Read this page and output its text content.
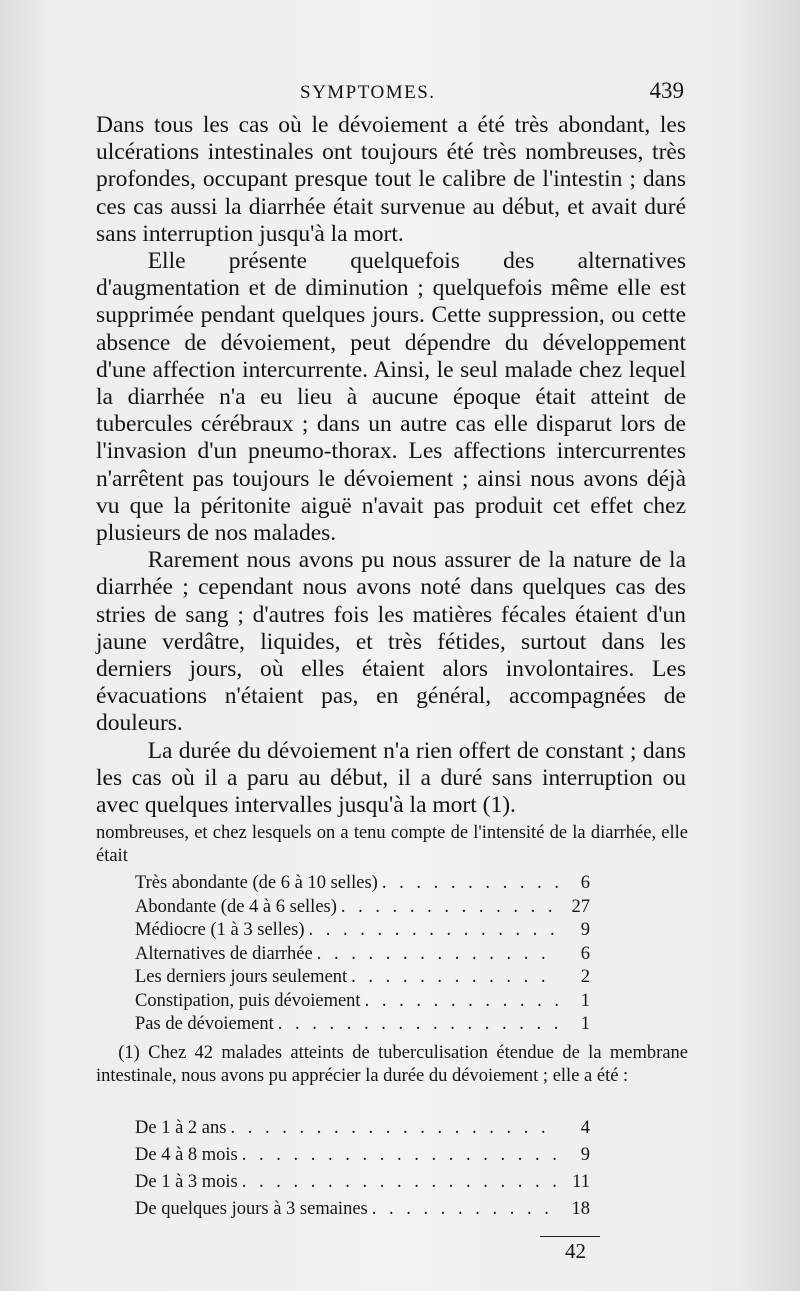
SYMPTOMES.	439

Dans tous les cas où le dévoiement a été très abondant, les ulcérations intestinales ont toujours été très nombreuses, très profondes, occupant presque tout le calibre de l'intestin ; dans ces cas aussi la diarrhée était survenue au début, et avait duré sans interruption jusqu'à la mort.

Elle présente quelquefois des alternatives d'augmentation et de diminution ; quelquefois même elle est supprimée pendant quelques jours. Cette suppression, ou cette absence de dévoiement, peut dépendre du développement d'une affection intercurrente. Ainsi, le seul malade chez lequel la diarrhée n'a eu lieu à aucune époque était atteint de tubercules cérébraux ; dans un autre cas elle disparut lors de l'invasion d'un pneumo-thorax. Les affections intercurrentes n'arrêtent pas toujours le dévoiement ; ainsi nous avons déjà vu que la péritonite aiguë n'avait pas produit cet effet chez plusieurs de nos malades.

Rarement nous avons pu nous assurer de la nature de la diarrhée ; cependant nous avons noté dans quelques cas des stries de sang ; d'autres fois les matières fécales étaient d'un jaune verdâtre, liquides, et très fétides, surtout dans les derniers jours, où elles étaient alors involontaires. Les évacuations n'étaient pas, en général, accompagnées de douleurs.

La durée du dévoiement n'a rien offert de constant ; dans les cas où il a paru au début, il a duré sans interruption ou avec quelques intervalles jusqu'à la mort (1).

nombreuses, et chez lesquels on a tenu compte de l'intensité de la diarrhée, elle était
Très abondante (de 6 à 10 selles) . . .	6
Abondante (de 4 à 6 selles) . . .	27
Médiocre (1 à 3 selles) . . .	9
Alternatives de diarrhée . . .	6
Les derniers jours seulement . . .	2
Constipation, puis dévoiement . . .	1
Pas de dévoiement . . .	1
(1) Chez 42 malades atteints de tuberculisation étendue de la membrane intestinale, nous avons pu apprécier la durée du dévoiement ; elle a été :
De 1 à 2 ans . . .	4
De 4 à 8 mois . . .	9
De 1 à 3 mois . . .	11
De quelques jours à 3 semaines . . .	18
42
